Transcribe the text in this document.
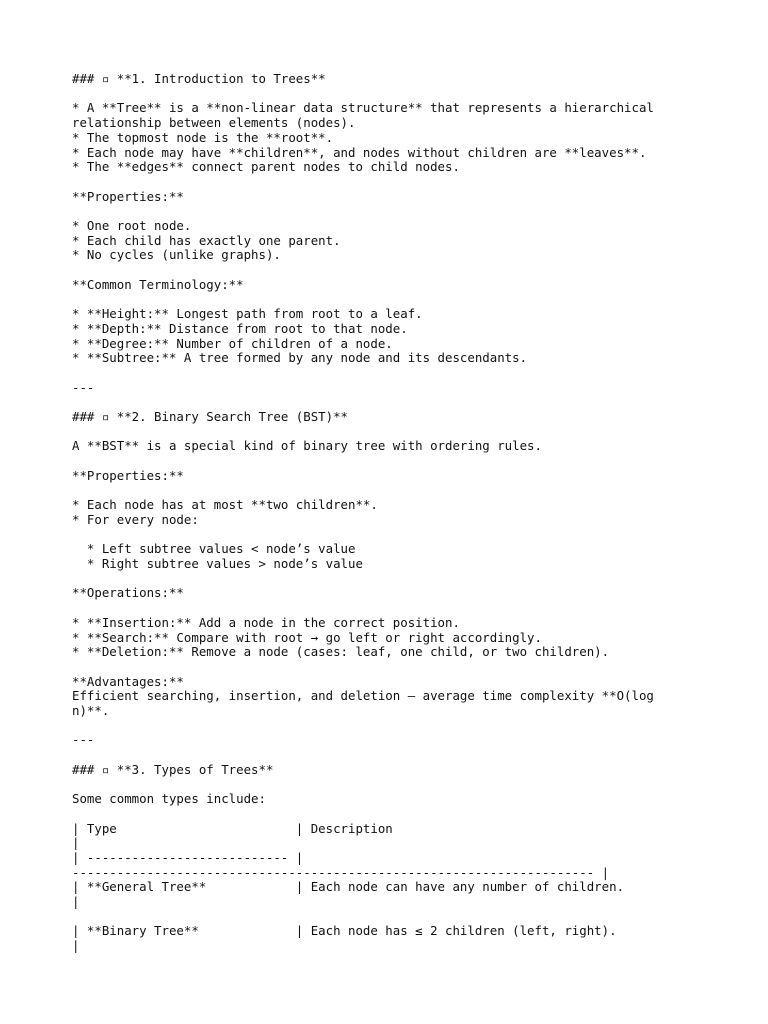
### ▫ **1. Introduction to Trees**
* A **Tree** is a **non-linear data structure** that represents a hierarchical
relationship between elements (nodes).
* The topmost node is the **root**.
* Each node may have **children**, and nodes without children are **leaves**.
* The **edges** connect parent nodes to child nodes.
**Properties:**
* One root node.
* Each child has exactly one parent.
* No cycles (unlike graphs).
**Common Terminology:**
* **Height:** Longest path from root to a leaf.
* **Depth:** Distance from root to that node.
* **Degree:** Number of children of a node.
* **Subtree:** A tree formed by any node and its descendants.
---
### ▫ **2. Binary Search Tree (BST)**
A **BST** is a special kind of binary tree with ordering rules.
**Properties:**
* Each node has at most **two children**.
* For every node:
* Left subtree values < node’s value
* Right subtree values > node’s value
**Operations:**
* **Insertion:** Add a node in the correct position.
* **Search:** Compare with root → go left or right accordingly.
* **Deletion:** Remove a node (cases: leaf, one child, or two children).
**Advantages:**
Efficient searching, insertion, and deletion — average time complexity **O(log
n)**.
---
### ▫ **3. Types of Trees**
Some common types include:
| Type                        | Description
|
| --------------------------- |
---------------------------------------------------------------------- |
| **General Tree**            | Each node can have any number of children.
|
| **Binary Tree**             | Each node has ≤ 2 children (left, right).
|
